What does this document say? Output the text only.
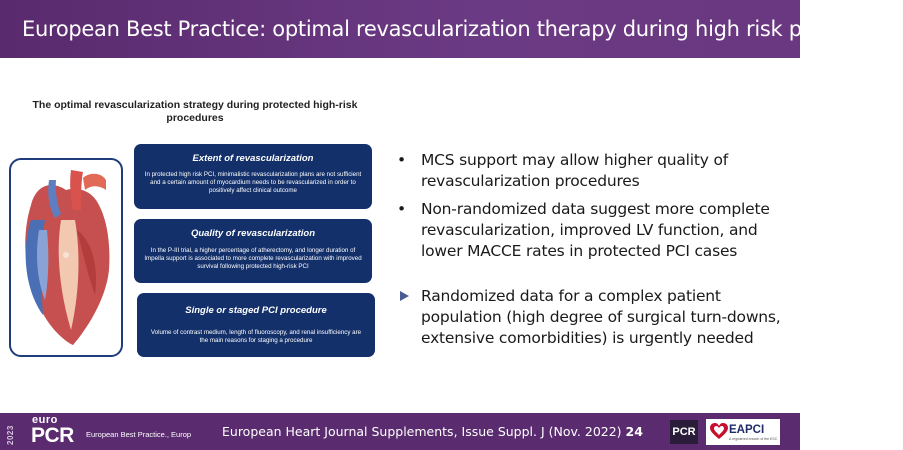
European Best Practice: optimal revascularization therapy during high risk procedures
The optimal revascularization strategy during protected high-risk procedures
Extent of revascularization
In protected high risk PCI, minimalistic revascularization plans are not sufficient and a certain amount of myocardium needs to be revascularized in order to positively affect clinical outcome
Quality of revascularization
In the P-III trial, a higher percentage of atherectomy, and longer duration of Impella support is associated to more complete revascularization with improved survival following protected high-risk PCI
Single or staged PCI procedure
Volume of contrast medium, length of fluoroscopy, and renal insufficiency are the main reasons for staging a procedure
• MCS support may allow higher quality of revascularization procedures
• Non-randomized data suggest more complete revascularization, improved LV function, and lower MACCE rates in protected PCI cases
Randomized data for a complex patient population (high degree of surgical turn-downs, extensive comorbidities) is urgently needed
2023
euro
PCR European Best Practice., Europ	European Heart Journal Supplements, Issue Suppl. J (Nov. 2022) 24	PCR	EAPCI
A registered branch of the ESC
